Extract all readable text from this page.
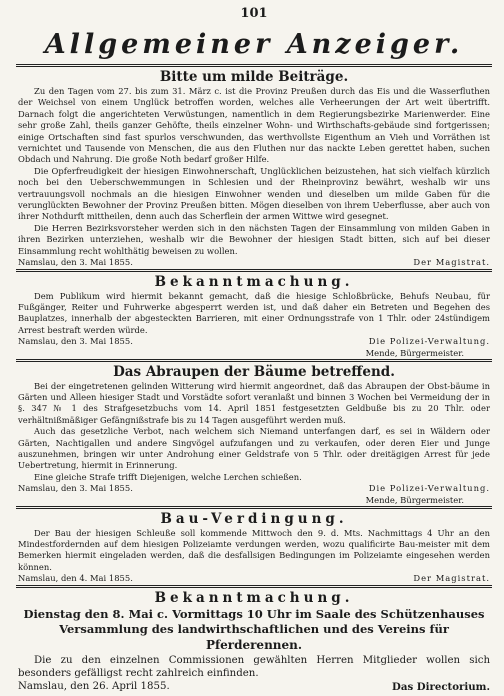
101
Allgemeiner Anzeiger.
Bitte um milde Beiträge.
Zu den Tagen vom 27. bis zum 31. März c. ist die Provinz Preußen durch das Eis und die Wasserfluthen der Weichsel von einem Unglück betroffen worden, welches alle Verheerungen der Art weit übertrifft. Darnach folgt die angerichteten Verwüstungen, namentlich in dem Regierungsbezirke Marienwerder. Eine sehr große Zahl, theils ganzer Gehöfte, theils einzelner Wohn- und Wirthschafts-gebäude sind fortgerissen; einige Ortschaften sind fast spurlos verschwunden, das werthvollste Eigenthum an Vieh und Vorräthen ist vernichtet und Tausende von Menschen, die aus den Fluthen nur das nackte Leben gerettet haben, suchen Obdach und Nahrung. Die große Noth bedarf großer Hilfe.
Die Opferfreudigkeit der hiesigen Einwohnerschaft, Unglücklichen beizustehen, hat sich vielfach kürzlich noch bei den Ueberschwemmungen in Schlesien und der Rheinprovinz bewährt, weshalb wir uns vertrauungsvoll nochmals an die hiesigen Einwohner wenden und dieselben um milde Gaben für die verunglückten Bewohner der Provinz Preußen bitten. Mögen dieselben von ihrem Ueberflusse, aber auch von ihrer Nothdurft mittheilen, denn auch das Scherflein der armen Wittwe wird gesegnet.
Die Herren Bezirksvorsteher werden sich in den nächsten Tagen der Einsammlung von milden Gaben in ihren Bezirken unterziehen, weshalb wir die Bewohner der hiesigen Stadt bitten, sich auf bei dieser Einsammlung recht wohlthätig beweisen zu wollen.
Namslau, den 3. Mai 1855.	Der Magistrat.
Bekanntmachung.
Dem Publikum wird hiermit bekannt gemacht, daß die hiesige Schloßbrücke, Behufs Neubau, für Fußgänger, Reiter und Fuhrwerke abgesperrt werden ist, und daß daher ein Betreten und Begehen des Bauplatzes, innerhalb der abgesteckten Barrieren, mit einer Ordnungsstrafe von 1 Thlr. oder 24stündigem Arrest bestraft werden würde.
Namslau, den 3. Mai 1855.	Die Polizei-Verwaltung.
Mende, Bürgermeister.
Das Abraupen der Bäume betreffend.
Bei der eingetretenen gelinden Witterung wird hiermit angeordnet, daß das Abraupen der Obst-bäume in Gärten und Alleen hiesiger Stadt und Vorstädte sofort veranlaßt und binnen 3 Wochen bei Vermeidung der in §. 347 № 1 des Strafgesetzbuchs vom 14. April 1851 festgesetzten Geldbuße bis zu 20 Thlr. oder verhältnißmäßiger Gefängnißstrafe bis zu 14 Tagen ausgeführt werden muß.
Auch das gesetzliche Verbot, nach welchem sich Niemand unterfangen darf, es sei in Wäldern oder Gärten, Nachtigallen und andere Singvögel aufzufangen und zu verkaufen, oder deren Eier und Junge auszunehmen, bringen wir unter Androhung einer Geldstrafe von 5 Thlr. oder dreitägigen Arrest für jede Uebertretung, hiermit in Erinnerung.
Eine gleiche Strafe trifft Diejenigen, welche Lerchen schießen.
Namslau, den 3. Mai 1855.	Die Polizei-Verwaltung.
Mende, Bürgermeister.
Bau-Verdingung.
Der Bau der hiesigen Schleuße soll kommende Mittwoch den 9. d. Mts. Nachmittags 4 Uhr an den Mindestfordernden auf dem hiesigen Polizeiamte verdungen werden, wozu qualificirte Bau-meister mit dem Bemerken hiermit eingeladen werden, daß die desfallsigen Bedingungen im Polizeiamte eingesehen werden können.
Namslau, den 4. Mai 1855.	Der Magistrat.
Bekanntmachung.
Dienstag den 8. Mai c. Vormittags 10 Uhr im Saale des Schützenhauses
Versammlung des landwirthschaftlichen und des Vereins für
Pferderennen.
Die zu den einzelnen Commissionen gewählten Herren Mitglieder wollen sich besonders gefälligst recht zahlreich einfinden.
Namslau, den 26. April 1855.	Das Directorium.
